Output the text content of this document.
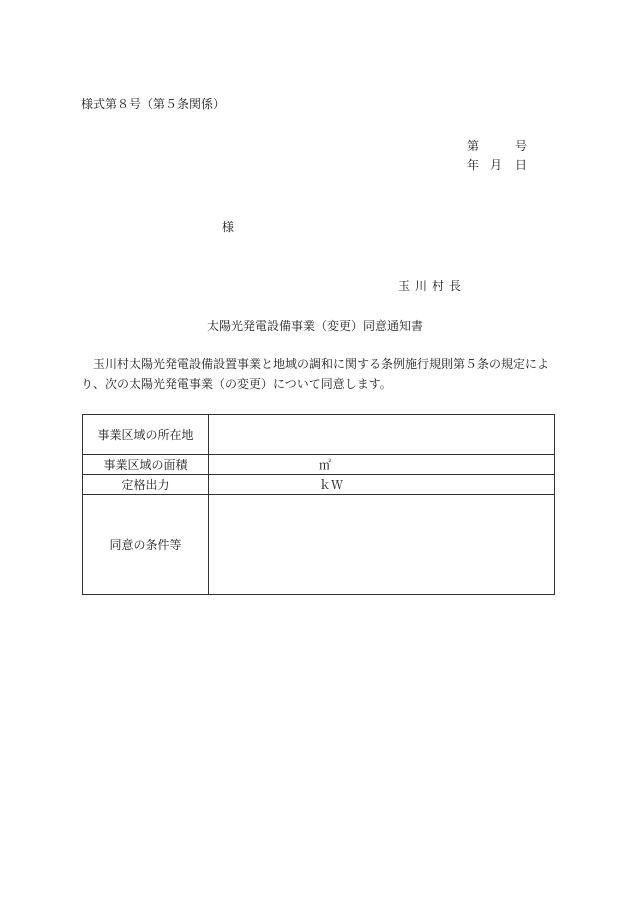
様式第８号（第５条関係）
第	号
年 月 日
様
玉川村長
太陽光発電設備事業（変更）同意通知書
玉川村太陽光発電設備設置事業と地域の調和に関する条例施行規則第５条の規定により、次の太陽光発電事業（の変更）について同意します。
事業区域の所在地	
事業区域の面積	㎡
定格出力	ｋＷ
同意の条件等	
